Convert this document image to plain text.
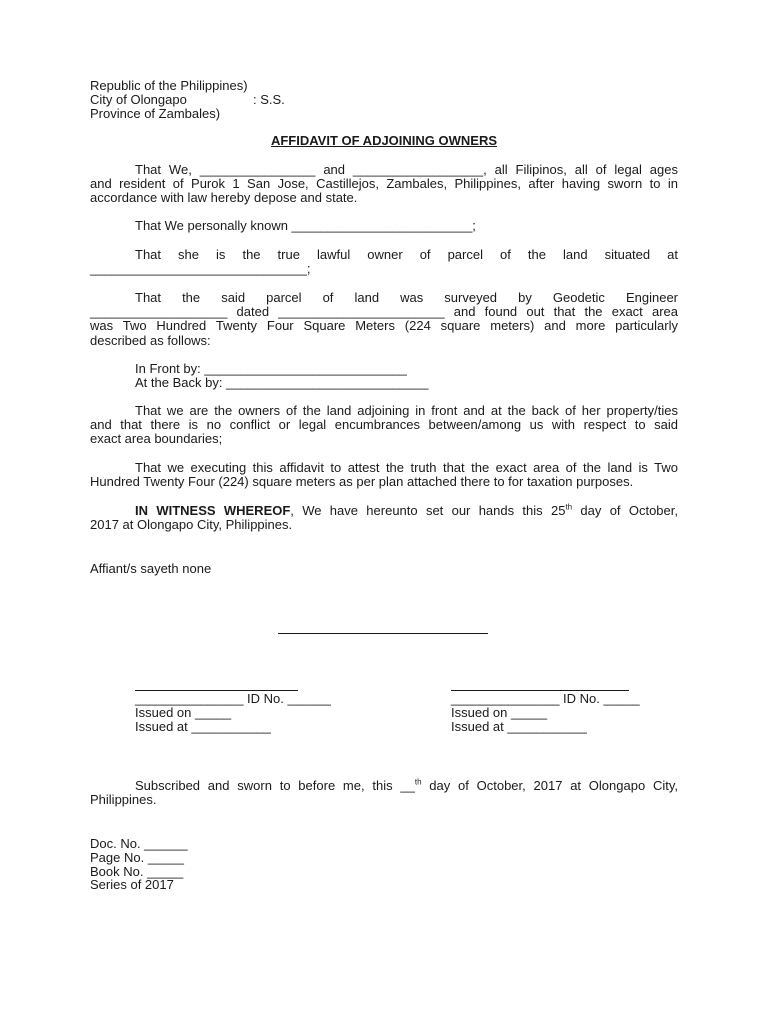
Republic of the Philippines)
City of Olongapo	: S.S.
Province of Zambales)
AFFIDAVIT OF ADJOINING OWNERS
That We, ________________ and __________________, all Filipinos, all of legal ages
and resident of Purok 1 San Jose, Castillejos, Zambales, Philippines, after having sworn to in
accordance with law hereby depose and state.
That We personally known _________________________;
That she is the true lawful owner of parcel of the land situated at
______________________________;
That the said parcel of land was surveyed by Geodetic Engineer
___________________ dated _______________________ and found out that the exact area
was Two Hundred Twenty Four Square Meters (224 square meters) and more particularly
described as follows:
In Front by: ____________________________
At the Back by: ____________________________
That we are the owners of the land adjoining in front and at the back of her property/ties
and that there is no conflict or legal encumbrances between/among us with respect to said
exact area boundaries;
That we executing this affidavit to attest the truth that the exact area of the land is Two
Hundred Twenty Four (224) square meters as per plan attached there to for taxation purposes.
IN WITNESS WHEREOF, We have hereunto set our hands this 25th day of October,
2017 at Olongapo City, Philippines.
Affiant/s sayeth none
_______________ ID No. ______
Issued on _____
Issued at ___________
_______________ ID No. _____
Issued on _____
Issued at ___________
Subscribed and sworn to before me, this __$^{th}$ day of October, 2017 at Olongapo City,
Philippines.
Doc. No. ______
Page No. _____
Book No. _____
Series of 2017
